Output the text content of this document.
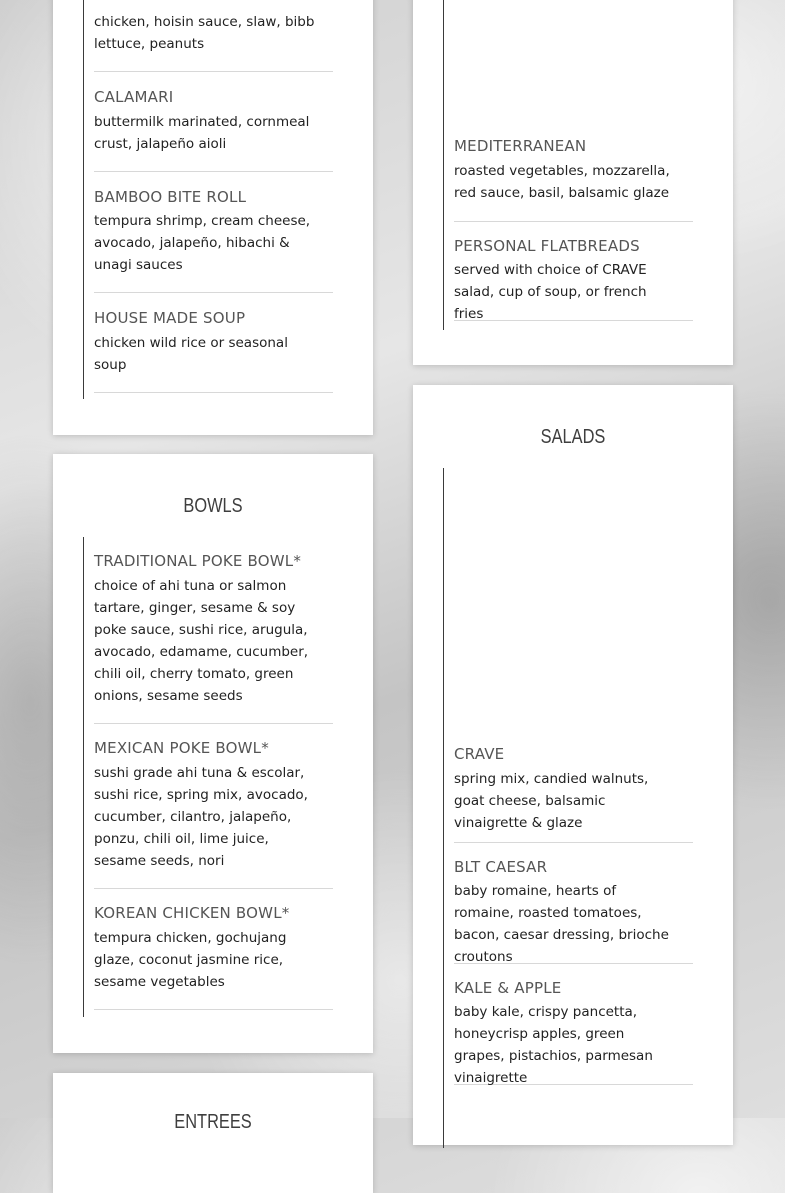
chicken, hoisin sauce, slaw, bibb lettuce, peanuts
CALAMARI
buttermilk marinated, cornmeal crust, jalapeño aioli
BAMBOO BITE ROLL
tempura shrimp, cream cheese, avocado, jalapeño, hibachi & unagi sauces
HOUSE MADE SOUP
chicken wild rice or seasonal soup
BOWLS
TRADITIONAL POKE BOWL*
choice of ahi tuna or salmon tartare, ginger, sesame & soy poke sauce, sushi rice, arugula, avocado, edamame, cucumber, chili oil, cherry tomato, green onions, sesame seeds
MEXICAN POKE BOWL*
sushi grade ahi tuna & escolar, sushi rice, spring mix, avocado, cucumber, cilantro, jalapeño, ponzu, chili oil, lime juice, sesame seeds, nori
KOREAN CHICKEN BOWL*
tempura chicken, gochujang glaze, coconut jasmine rice, sesame vegetables
ENTREES
MEDITERRANEAN
roasted vegetables, mozzarella, red sauce, basil, balsamic glaze
PERSONAL FLATBREADS
served with choice of CRAVE salad, cup of soup, or french fries
SALADS
CRAVE
spring mix, candied walnuts, goat cheese, balsamic vinaigrette & glaze
BLT CAESAR
baby romaine, hearts of romaine, roasted tomatoes, bacon, caesar dressing, brioche croutons
KALE & APPLE
baby kale, crispy pancetta, honeycrisp apples, green grapes, pistachios, parmesan vinaigrette
